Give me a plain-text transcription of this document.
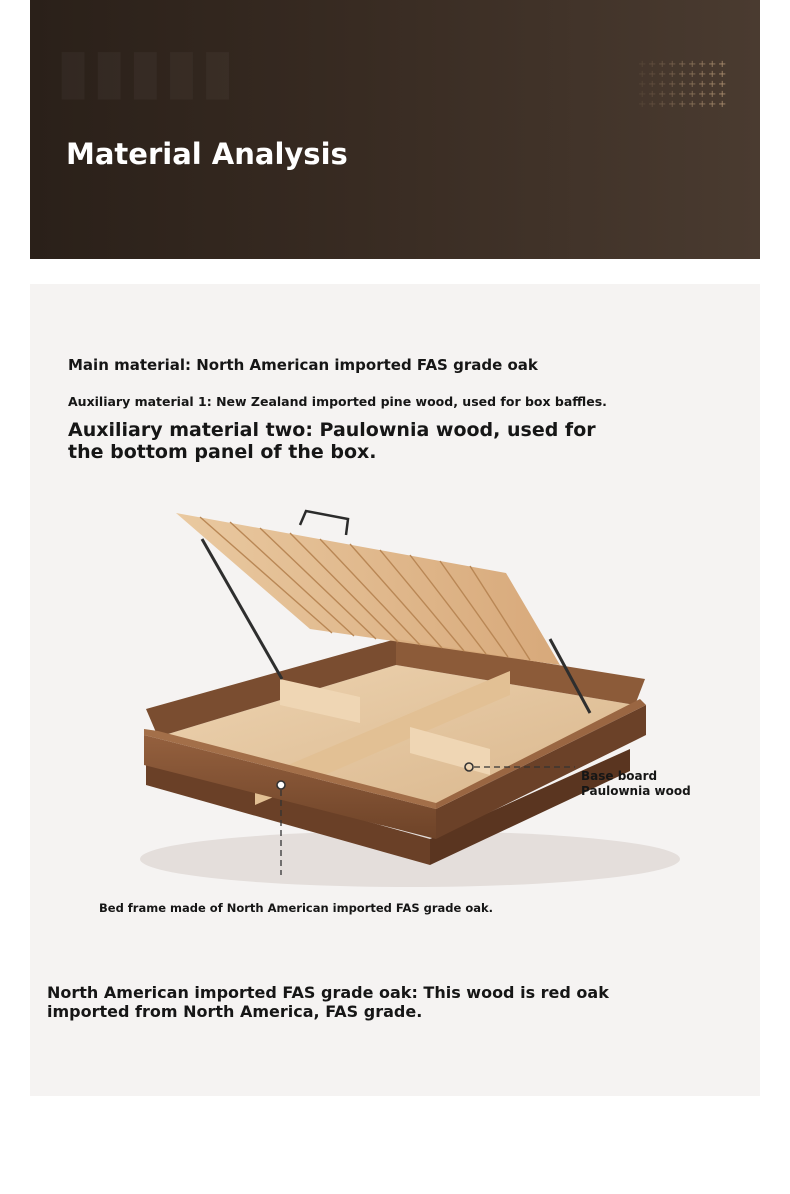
Material Analysis
+ + + + + + + + +
+ + + + + + + + +
+ + + + + + + + +
+ + + + + + + + +
+ + + + + + + + +

Main material: North American imported FAS grade oak

Auxiliary material 1: New Zealand imported pine wood, used for box baffles.

Auxiliary material two: Paulownia wood, used for the bottom panel of the box.

Base board
Paulownia wood
Bed frame made of North American imported FAS grade oak.

North American imported FAS grade oak: This wood is red oak imported from North America, FAS grade.
